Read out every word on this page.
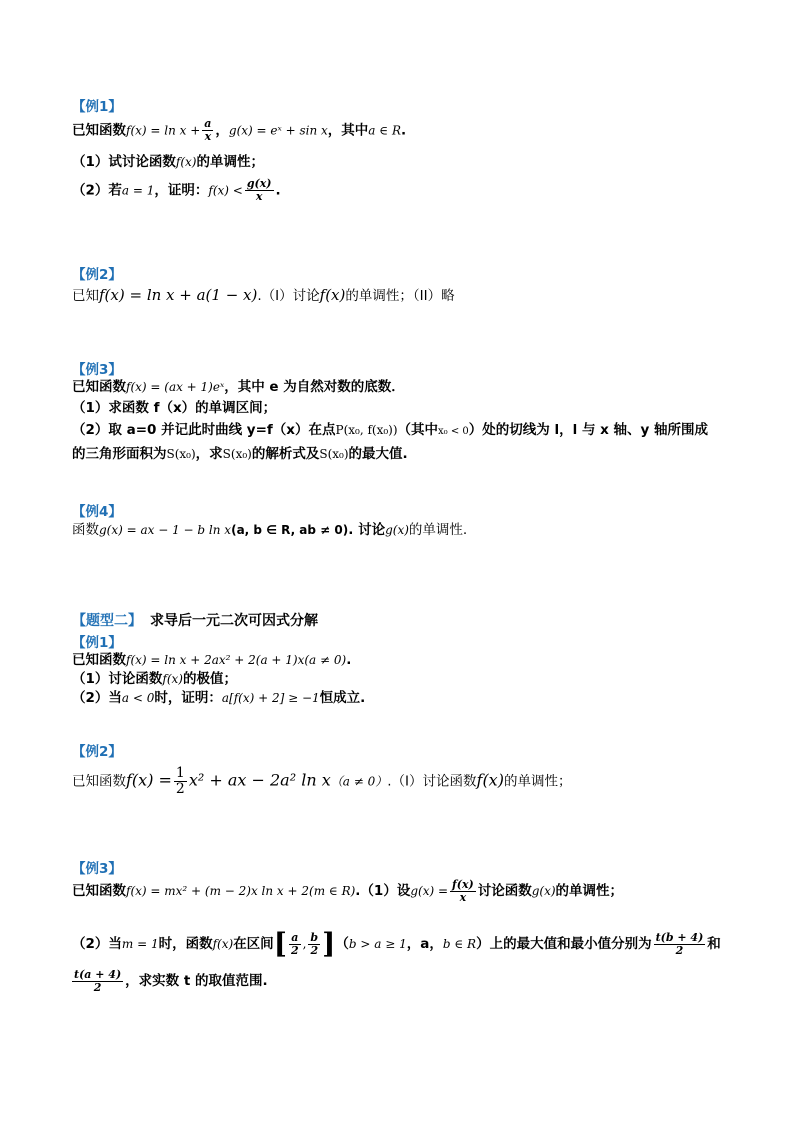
【例1】
已知函数$f(x) = \ln x + \frac{a}{x}$ ，g(x) = eˣ + sin x，其中a ∈ R.
（1）试讨论函数f(x)的单调性；
（2）若a = 1，证明：$f(x) < \frac{g(x)}{x}$ .
【例2】
已知f(x) = ln x + a(1 − x).（I）讨论f(x)的单调性；（II）略
【例3】
已知函数f(x) = (ax + 1)eˣ，其中 e 为自然对数的底数．
（1）求函数 f（x）的单调区间；
（2）取 a=0 并记此时曲线 y=f（x）在点P(x₀, f(x₀))（其中x₀ < 0）处的切线为 l，l 与 x 轴、y 轴所围成
的三角形面积为S(x₀)，求S(x₀)的解析式及S(x₀)的最大值.
【例4】
函数g(x) = ax − 1 − b ln x(a, b ∈ R, ab ≠ 0). 讨论g(x)的单调性.
【题型二】 求导后一元二次可因式分解
【例1】
已知函数f(x) = ln x + 2ax² + 2(a + 1)x(a ≠ 0).
（1）讨论函数f(x)的极值；
（2）当a < 0时，证明：a[f(x) + 2] ≥ −1恒成立.
【例2】
已知函数$f(x) = \frac{1}{2} x^2$ + ax − 2a² ln x（a ≠ 0）.（I）讨论函数f(x)的单调性；
【例3】
已知函数f(x) = mx² + (m − 2)x ln x + 2(m ∈ R).（1）设$g(x) = \frac{f(x)}{x}$ 讨论函数g(x)的单调性；
（2）当m = 1时，函数f(x)在区间[ $\frac{a}{2}$ , $\frac{b}{2} ](b > a \ge 1$，a，b ∈ R）上的最大值和最小值分别为 $\frac{t(b + 4)}{2}$ 和
$\frac{t(a + 4)}{2}$ ，求实数 t 的取值范围.
